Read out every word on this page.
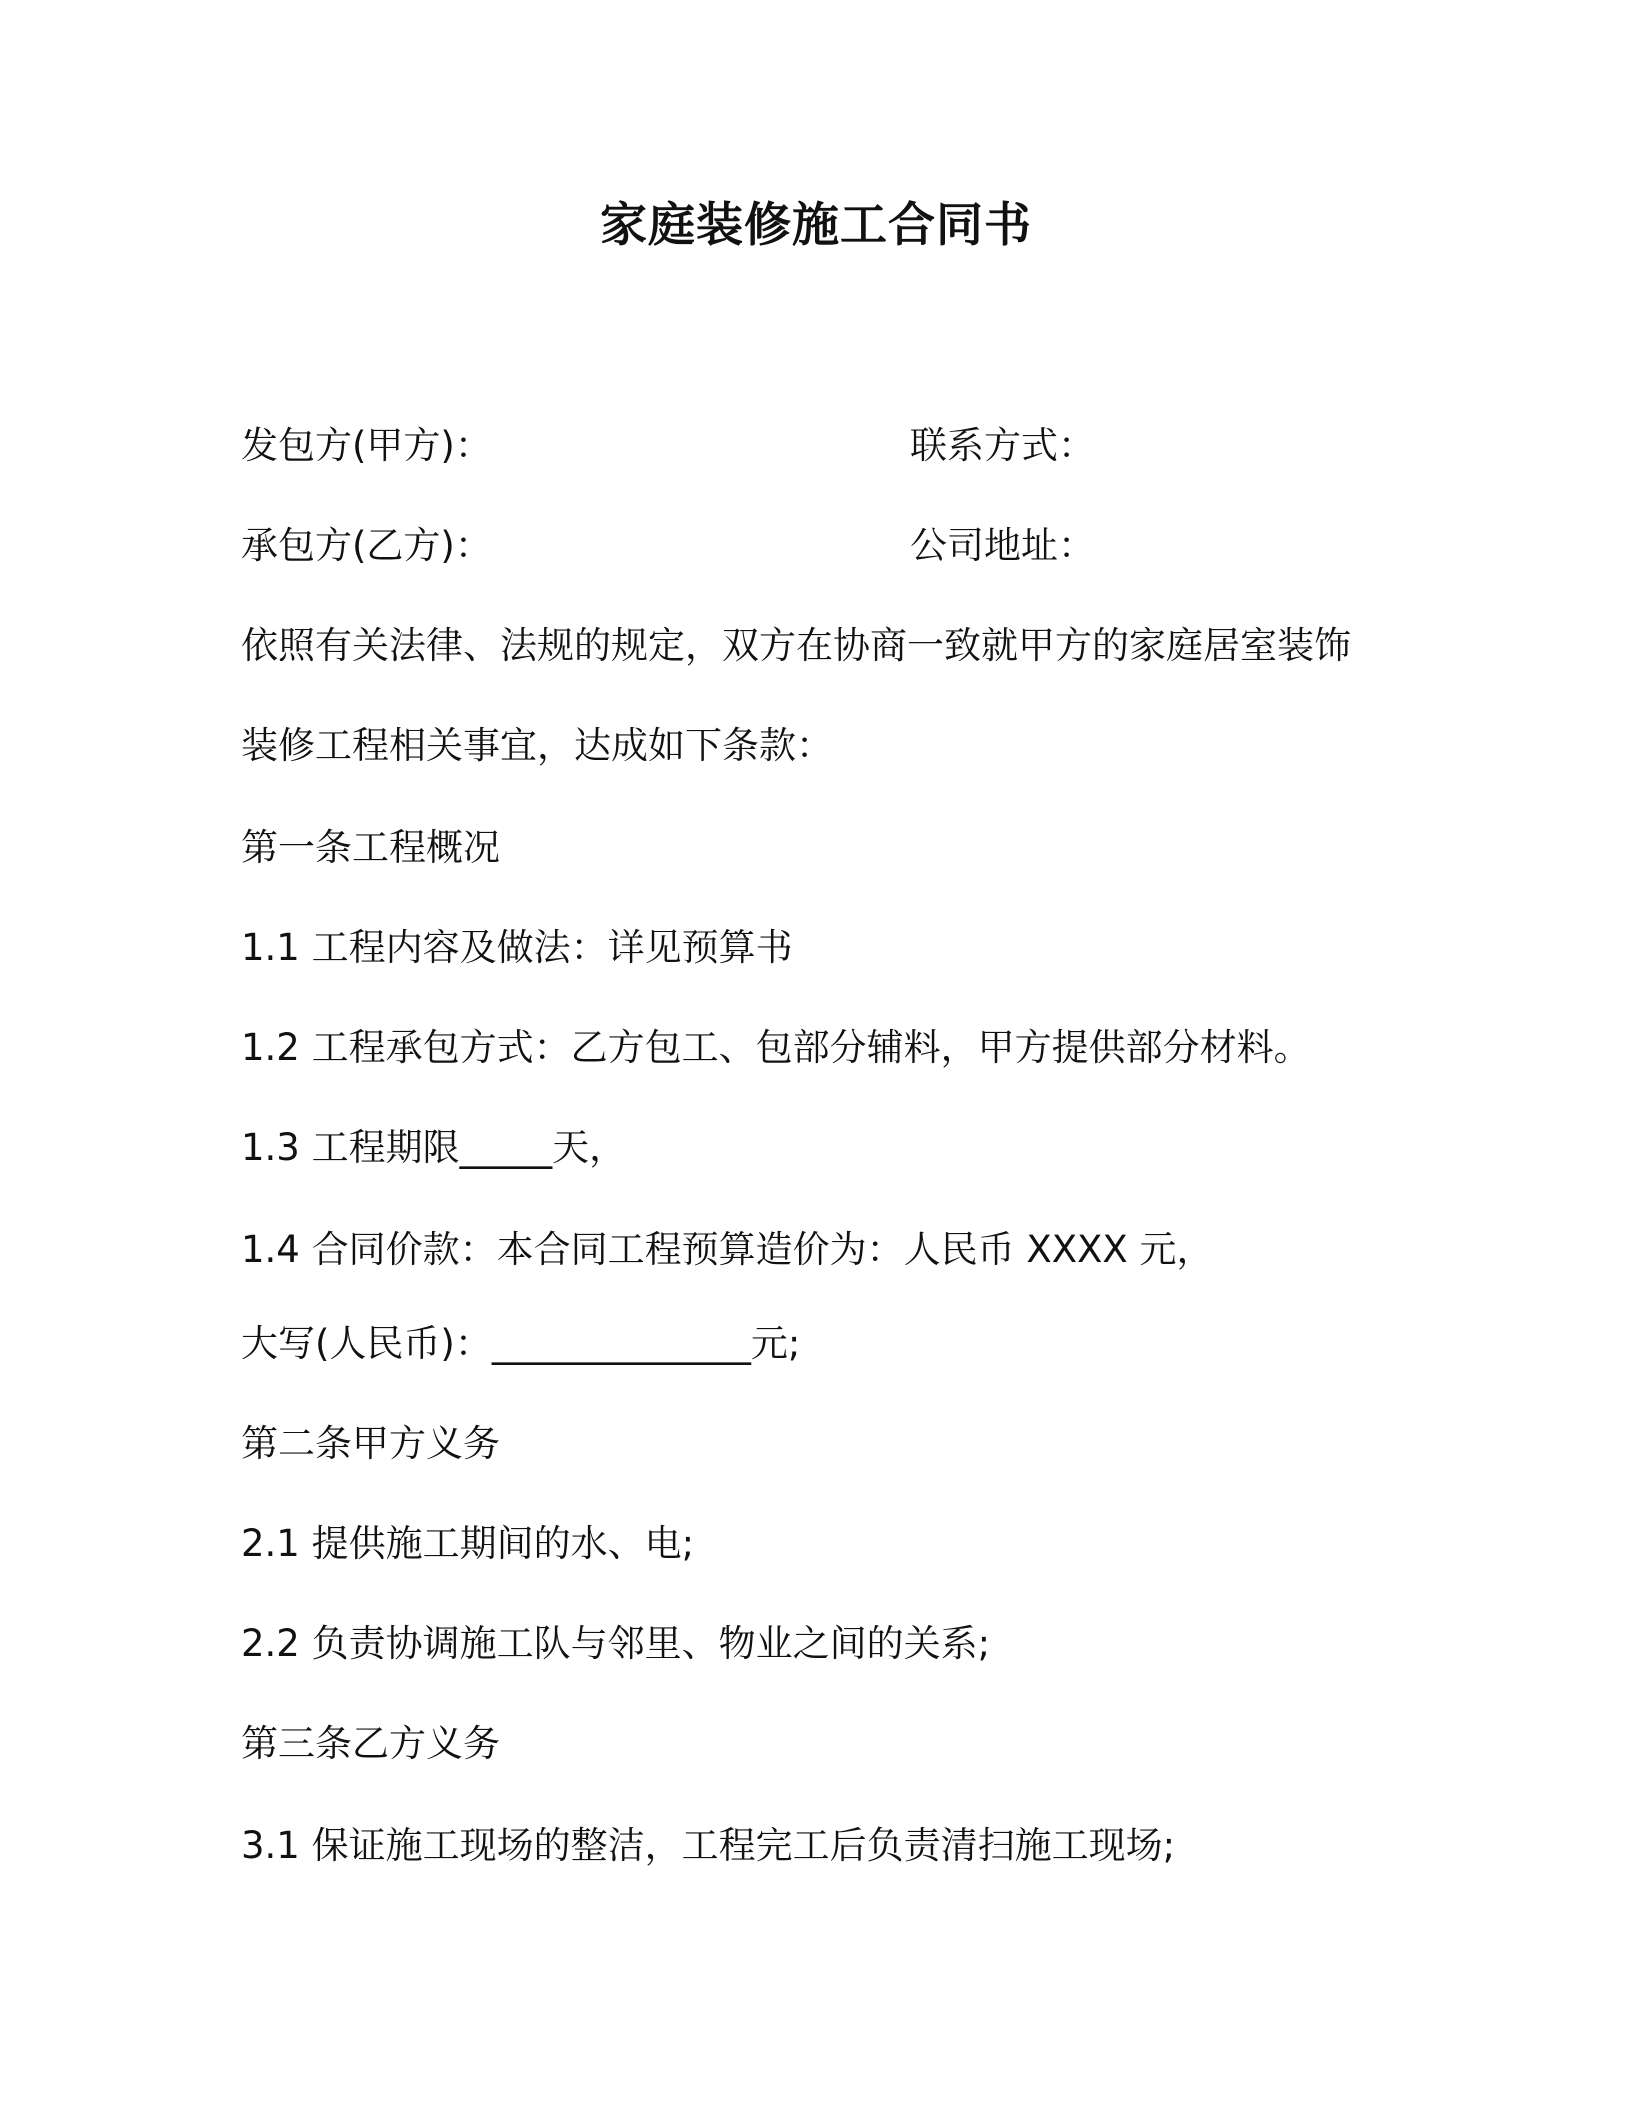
家庭装修施工合同书
发包方(甲方)：	联系方式：
承包方(乙方)：	公司地址：
依照有关法律、法规的规定，双方在协商一致就甲方的家庭居室装饰
装修工程相关事宜，达成如下条款：
第一条工程概况
1.1 工程内容及做法：详见预算书
1.2 工程承包方式：乙方包工、包部分辅料，甲方提供部分材料。
1.3 工程期限_____天，
1.4 合同价款：本合同工程预算造价为：人民币 XXXX 元，
大写(人民币)：______________元;
第二条甲方义务
2.1 提供施工期间的水、电;
2.2 负责协调施工队与邻里、物业之间的关系;
第三条乙方义务
3.1 保证施工现场的整洁，工程完工后负责清扫施工现场;
